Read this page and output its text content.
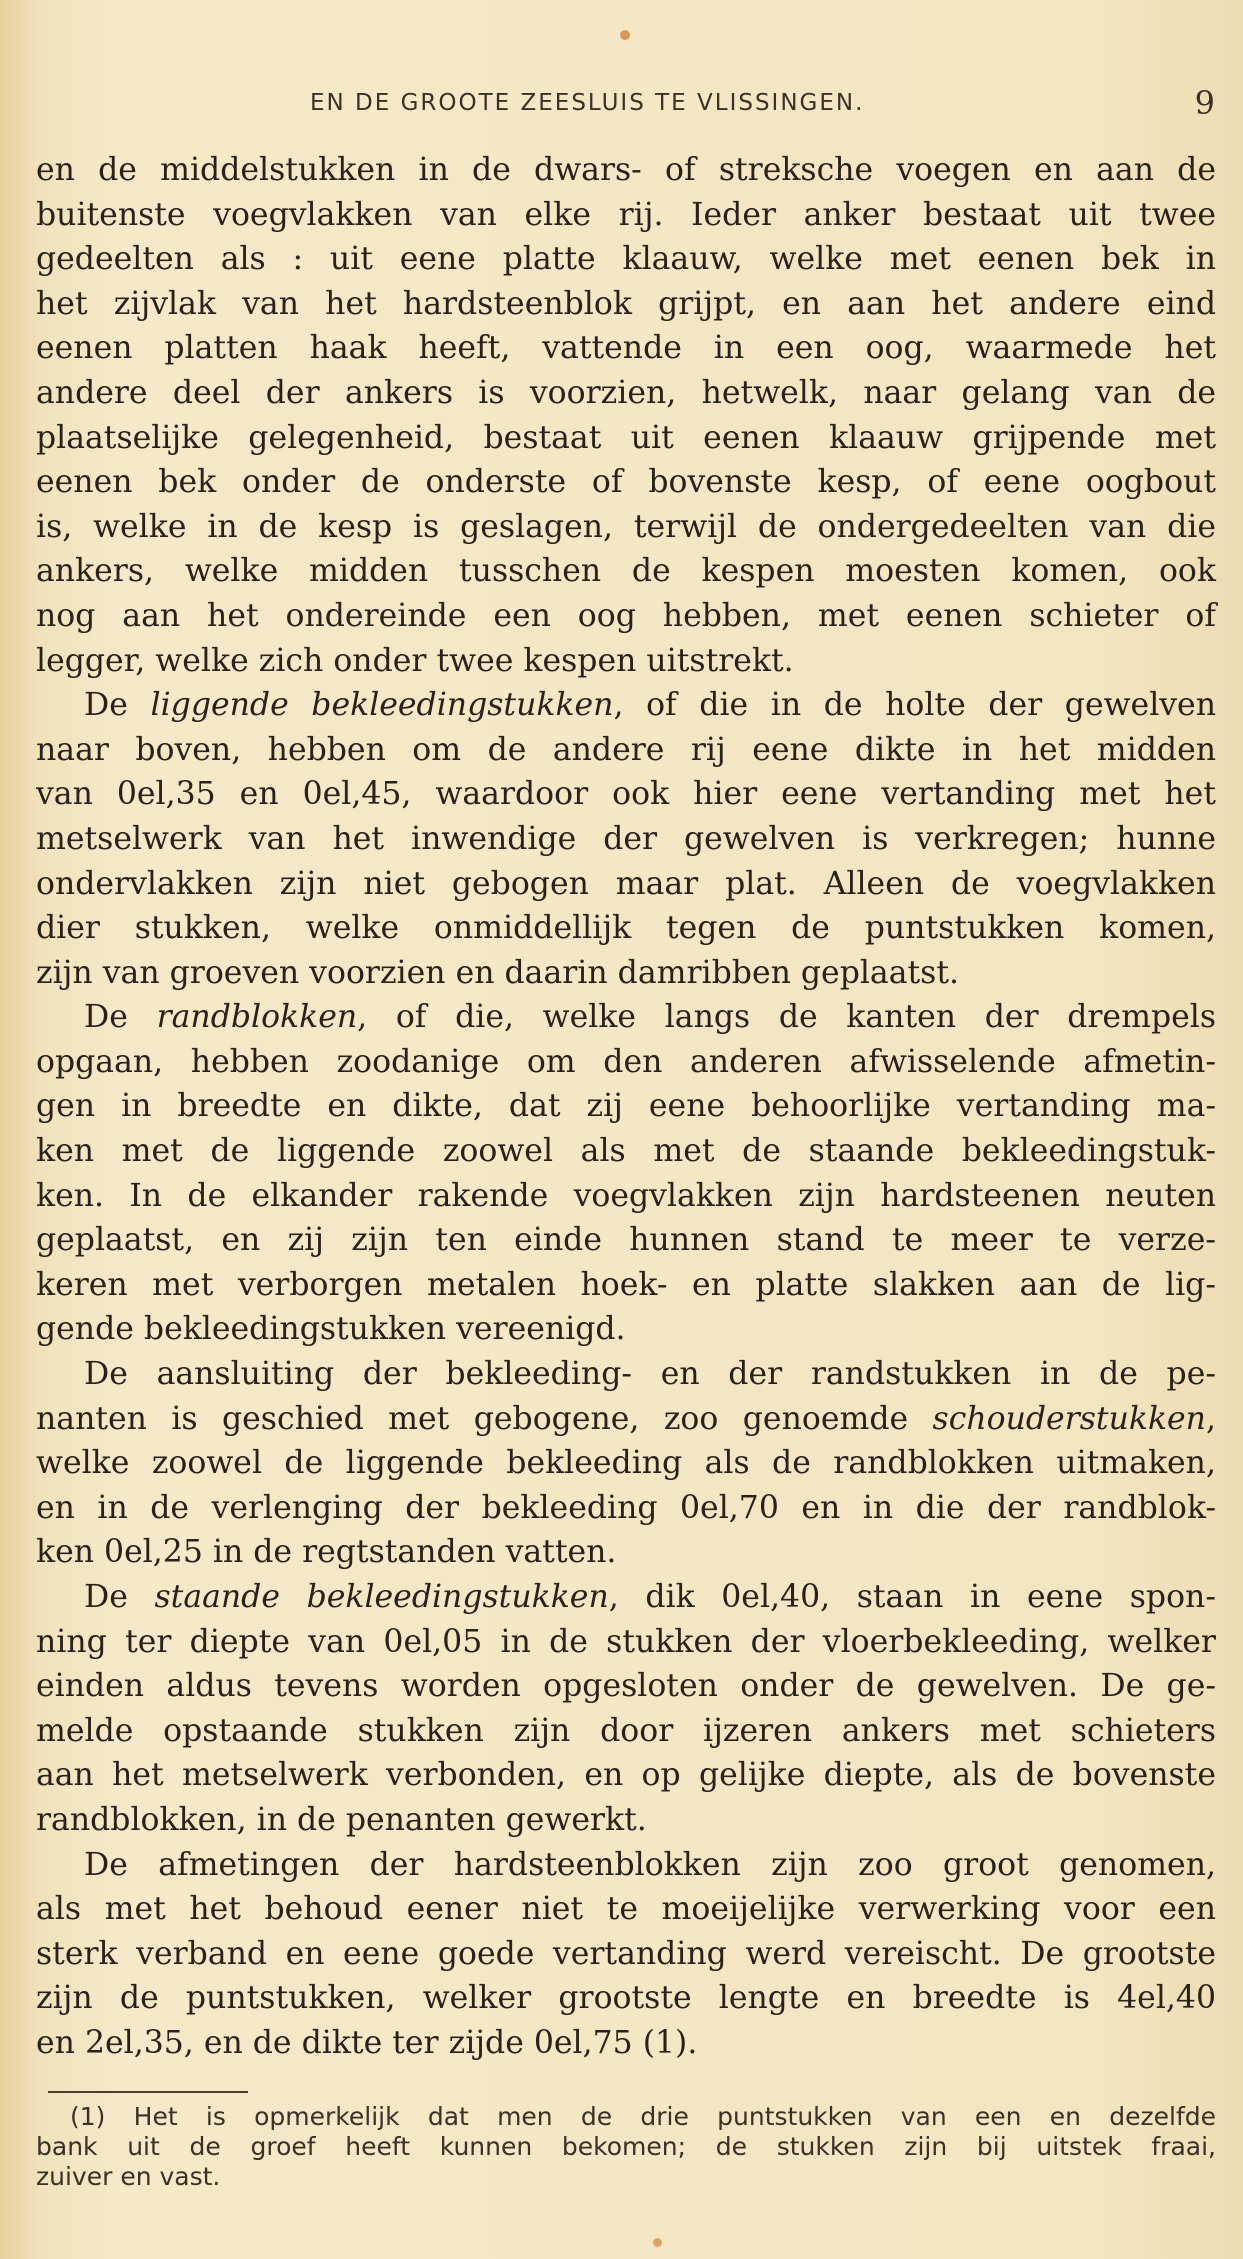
EN DE GROOTE ZEESLUIS TE VLISSINGEN.	9

en de middelstukken in de dwars- of streksche voegen en aan de
buitenste voegvlakken van elke rij. Ieder anker bestaat uit twee
gedeelten als : uit eene platte klaauw, welke met eenen bek in
het zijvlak van het hardsteenblok grijpt, en aan het andere eind
eenen platten haak heeft, vattende in een oog, waarmede het
andere deel der ankers is voorzien, hetwelk, naar gelang van de
plaatselijke gelegenheid, bestaat uit eenen klaauw grijpende met
eenen bek onder de onderste of bovenste kesp, of eene oogbout
is, welke in de kesp is geslagen, terwijl de ondergedeelten van die
ankers, welke midden tusschen de kespen moesten komen, ook
nog aan het ondereinde een oog hebben, met eenen schieter of
legger, welke zich onder twee kespen uitstrekt.

De liggende bekleedingstukken, of die in de holte der gewelven
naar boven, hebben om de andere rij eene dikte in het midden
van 0el,35 en 0el,45, waardoor ook hier eene vertanding met het
metselwerk van het inwendige der gewelven is verkregen; hunne
ondervlakken zijn niet gebogen maar plat. Alleen de voegvlakken
dier stukken, welke onmiddellijk tegen de puntstukken komen,
zijn van groeven voorzien en daarin damribben geplaatst.

De randblokken, of die, welke langs de kanten der drempels
opgaan, hebben zoodanige om den anderen afwisselende afmetin-
gen in breedte en dikte, dat zij eene behoorlijke vertanding ma-
ken met de liggende zoowel als met de staande bekleedingstuk-
ken. In de elkander rakende voegvlakken zijn hardsteenen neuten
geplaatst, en zij zijn ten einde hunnen stand te meer te verze-
keren met verborgen metalen hoek- en platte slakken aan de lig-
gende bekleedingstukken vereenigd.

De aansluiting der bekleeding- en der randstukken in de pe-
nanten is geschied met gebogene, zoo genoemde schouderstukken,
welke zoowel de liggende bekleeding als de randblokken uitmaken,
en in de verlenging der bekleeding 0el,70 en in die der randblok-
ken 0el,25 in de regtstanden vatten.

De staande bekleedingstukken, dik 0el,40, staan in eene spon-
ning ter diepte van 0el,05 in de stukken der vloerbekleeding, welker
einden aldus tevens worden opgesloten onder de gewelven. De ge-
melde opstaande stukken zijn door ijzeren ankers met schieters
aan het metselwerk verbonden, en op gelijke diepte, als de bovenste
randblokken, in de penanten gewerkt.

De afmetingen der hardsteenblokken zijn zoo groot genomen,
als met het behoud eener niet te moeijelijke verwerking voor een
sterk verband en eene goede vertanding werd vereischt. De grootste
zijn de puntstukken, welker grootste lengte en breedte is 4el,40
en 2el,35, en de dikte ter zijde 0el,75 (1).

(1) Het is opmerkelijk dat men de drie puntstukken van een en dezelfde
bank uit de groef heeft kunnen bekomen; de stukken zijn bij uitstek fraai,
zuiver en vast.
